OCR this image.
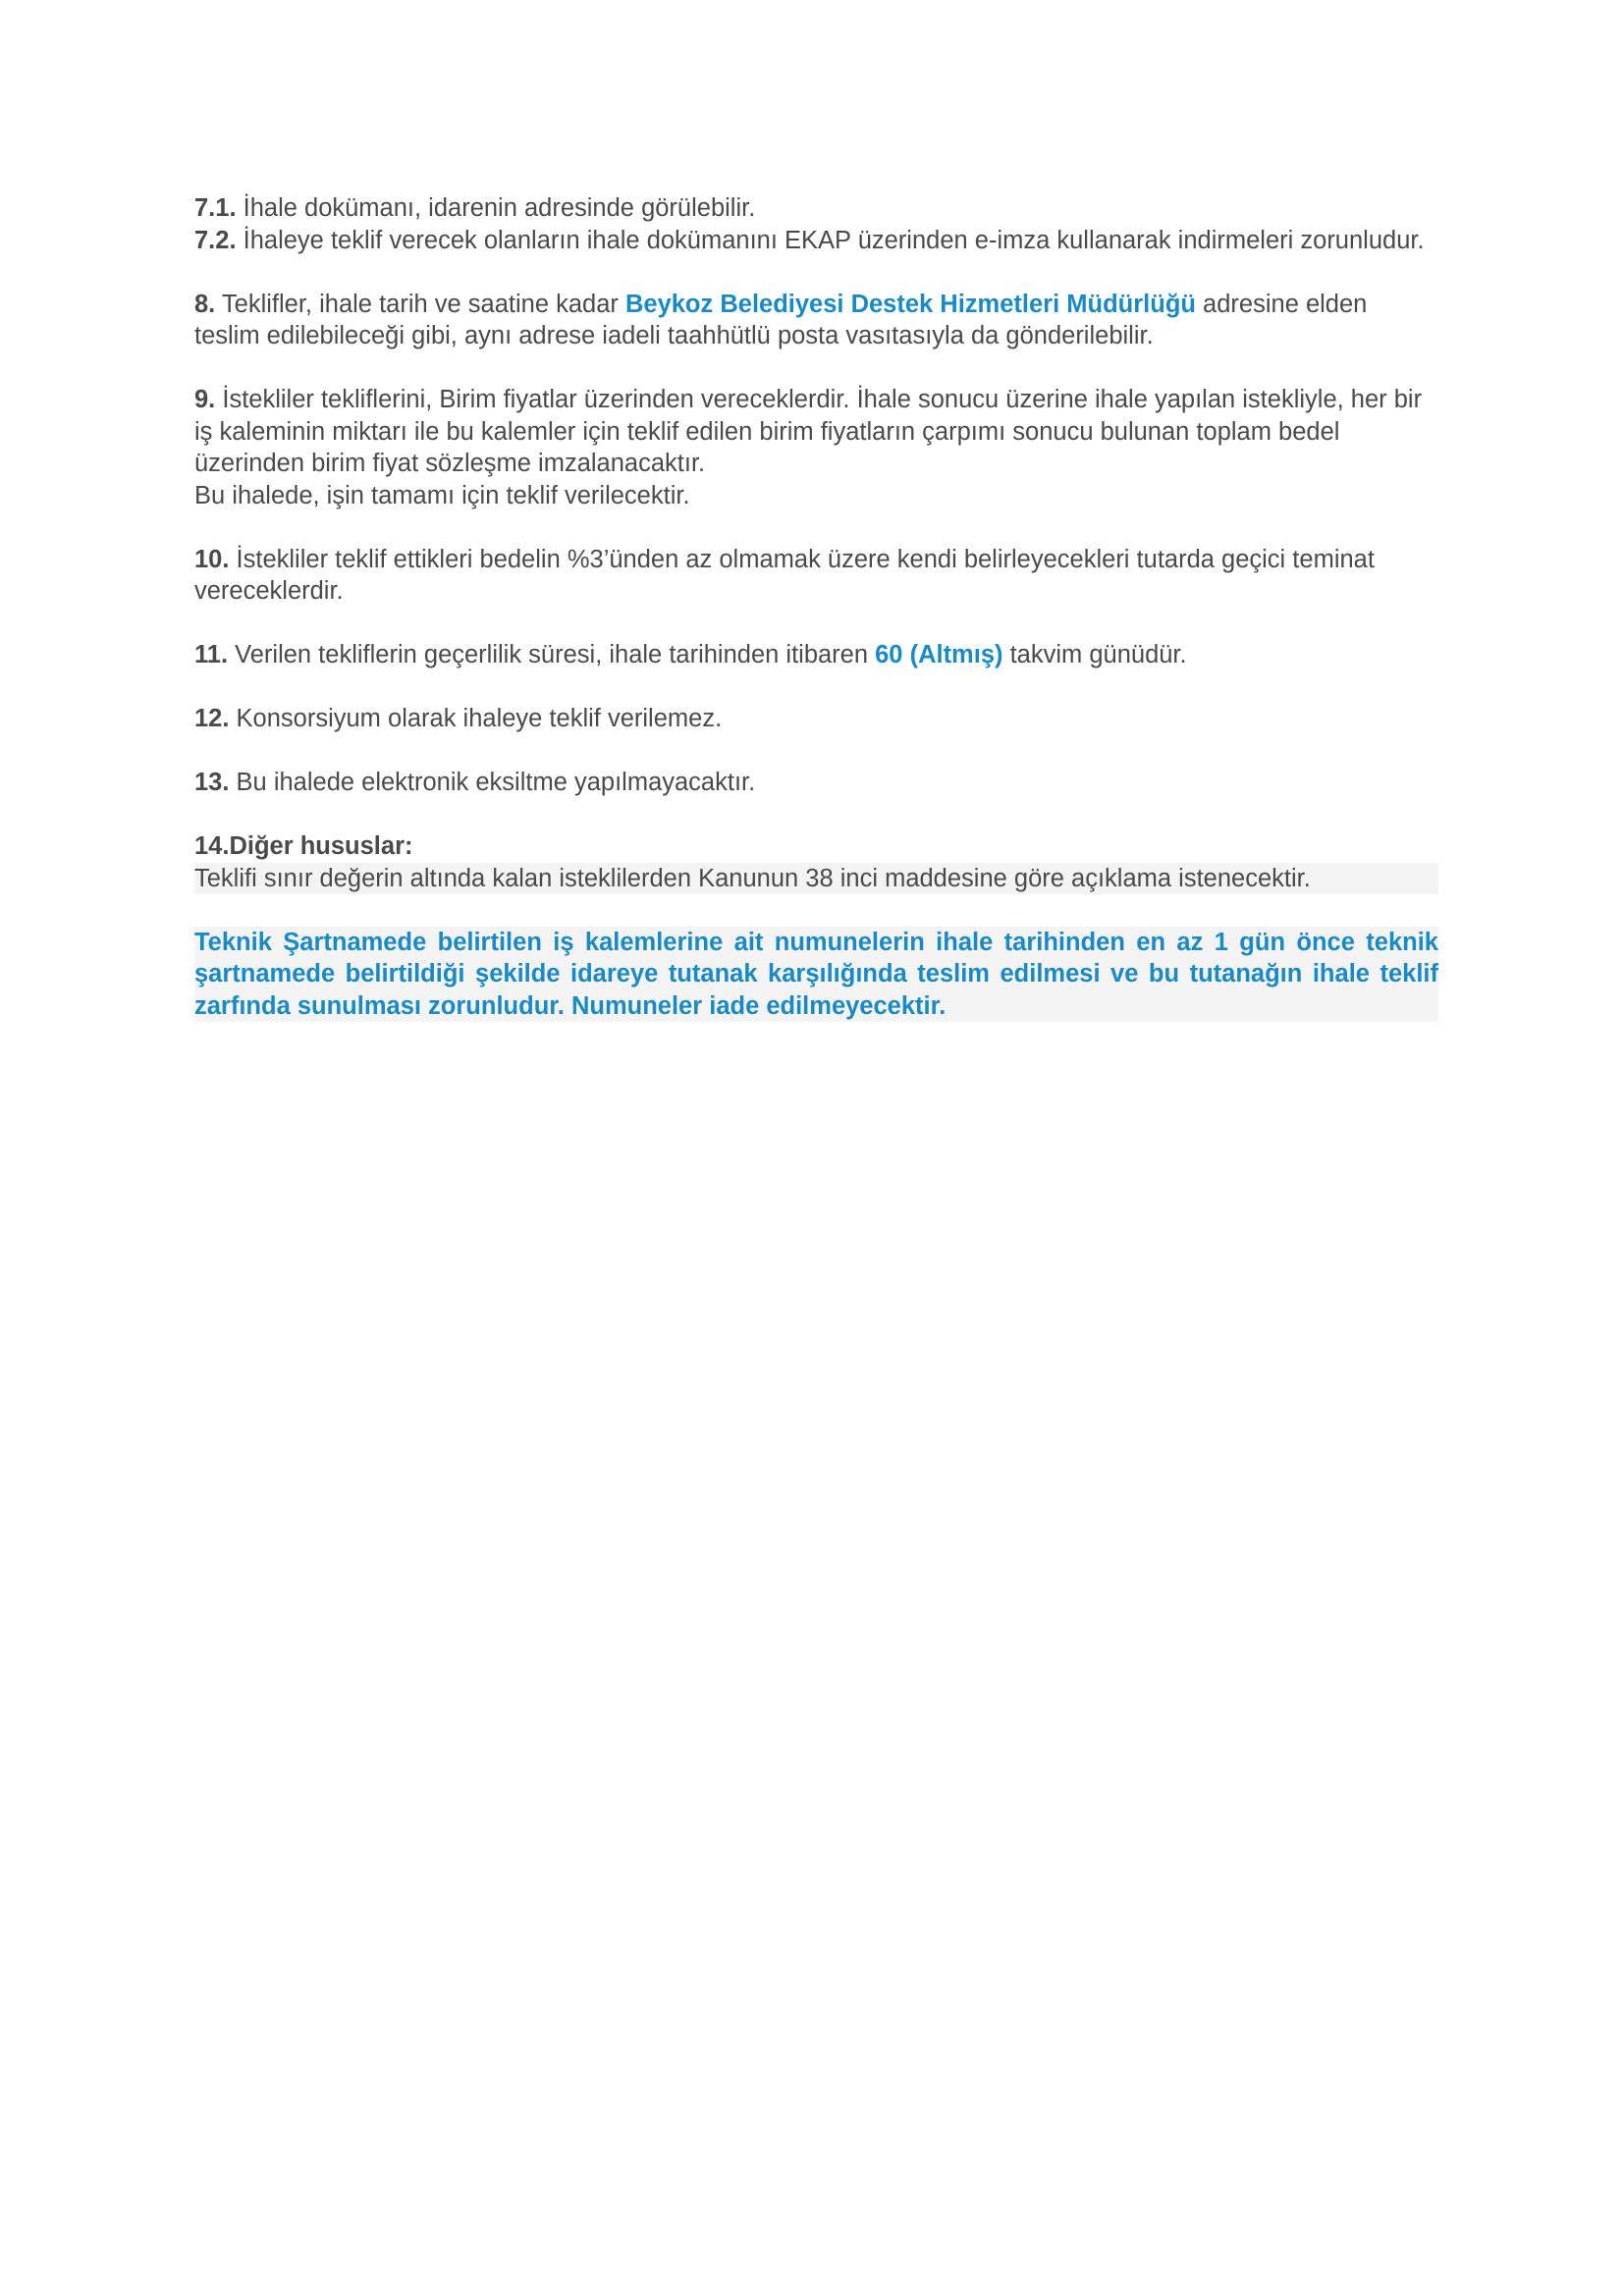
7.1. İhale dokümanı, idarenin adresinde görülebilir.

7.2. İhaleye teklif verecek olanların ihale dokümanını EKAP üzerinden e-imza kullanarak indirmeleri zorunludur.

8. Teklifler, ihale tarih ve saatine kadar Beykoz Belediyesi Destek Hizmetleri Müdürlüğü adresine elden teslim edilebileceği gibi, aynı adrese iadeli taahhütlü posta vasıtasıyla da gönderilebilir.

9. İstekliler tekliflerini, Birim fiyatlar üzerinden vereceklerdir. İhale sonucu üzerine ihale yapılan istekliyle, her bir iş kaleminin miktarı ile bu kalemler için teklif edilen birim fiyatların çarpımı sonucu bulunan toplam bedel üzerinden birim fiyat sözleşme imzalanacaktır.

Bu ihalede, işin tamamı için teklif verilecektir.

10. İstekliler teklif ettikleri bedelin %3’ünden az olmamak üzere kendi belirleyecekleri tutarda geçici teminat vereceklerdir.

11. Verilen tekliflerin geçerlilik süresi, ihale tarihinden itibaren 60 (Altmış) takvim günüdür.

12. Konsorsiyum olarak ihaleye teklif verilemez.

13. Bu ihalede elektronik eksiltme yapılmayacaktır.

14.Diğer hususlar:

Teklifi sınır değerin altında kalan isteklilerden Kanunun 38 inci maddesine göre açıklama istenecektir.

Teknik Şartnamede belirtilen iş kalemlerine ait numunelerin ihale tarihinden en az 1 gün önce teknik şartnamede belirtildiği şekilde idareye tutanak karşılığında teslim edilmesi ve bu tutanağın ihale teklif zarfında sunulması zorunludur. Numuneler iade edilmeyecektir.
